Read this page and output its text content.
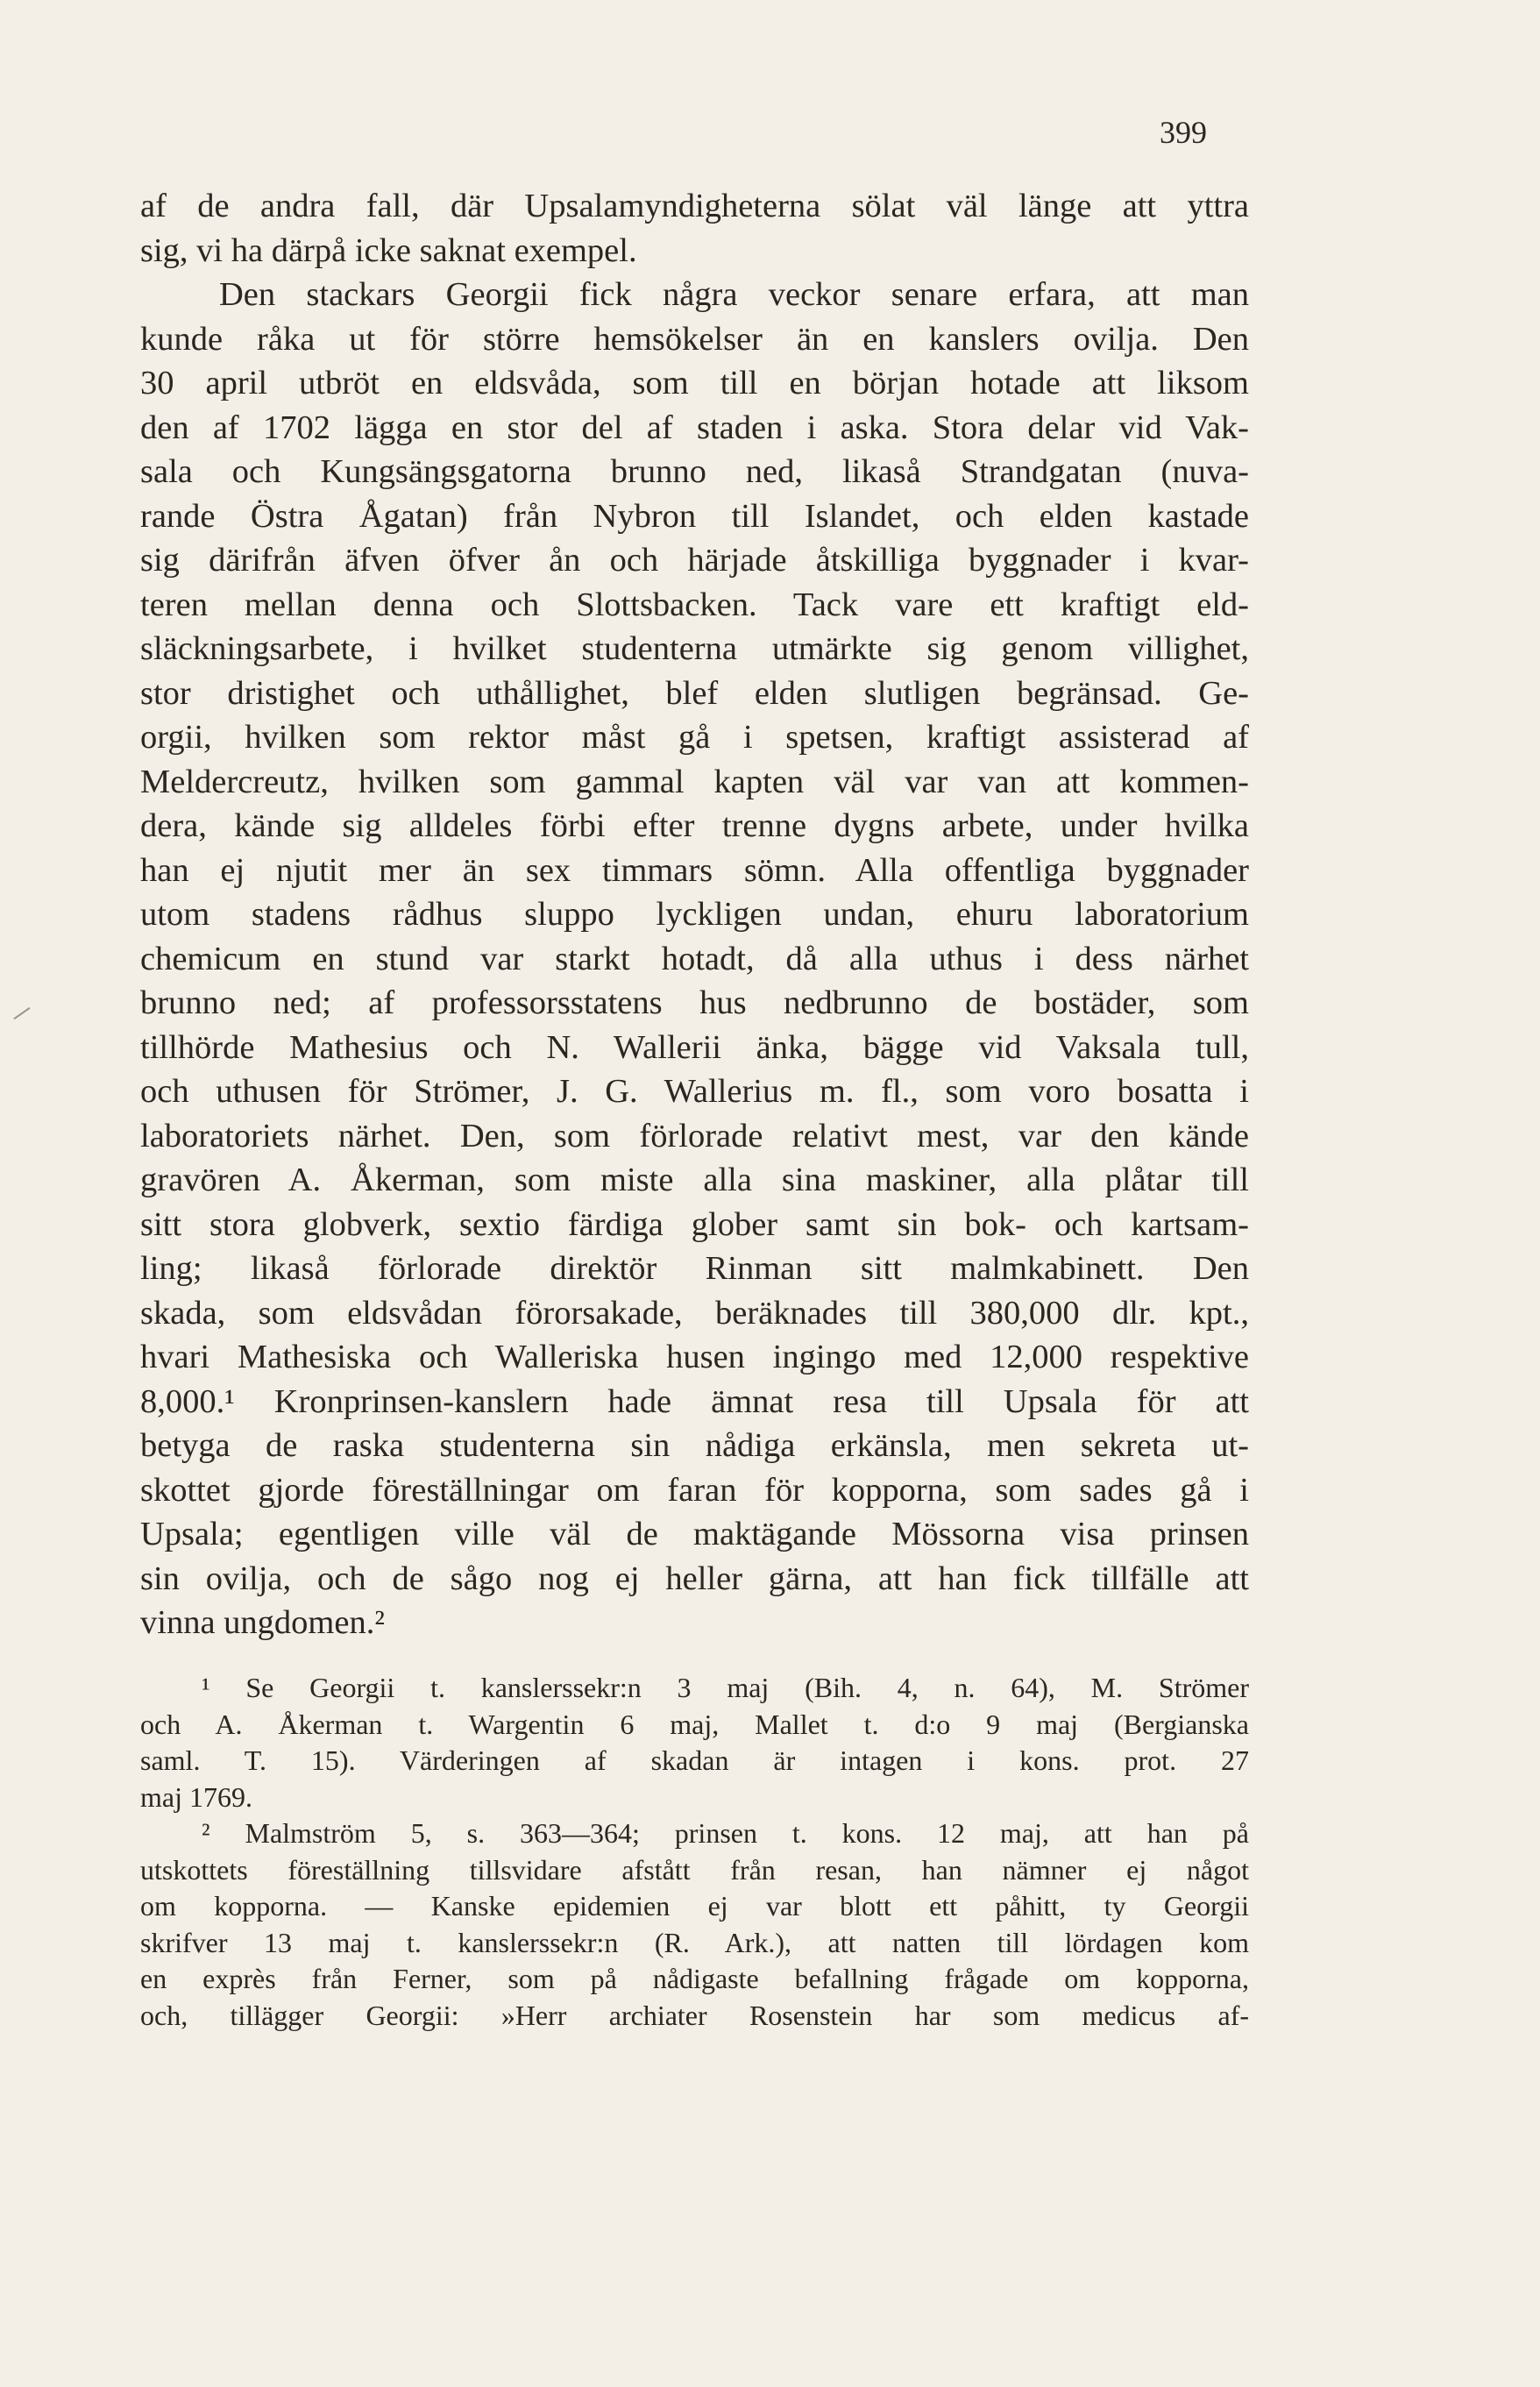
399
af de andra fall, där Upsalamyndigheterna sölat väl länge att yttra
sig, vi ha därpå icke saknat exempel.
Den stackars Georgii fick några veckor senare erfara, att man
kunde råka ut för större hemsökelser än en kanslers ovilja. Den
30 april utbröt en eldsvåda, som till en början hotade att liksom
den af 1702 lägga en stor del af staden i aska. Stora delar vid Vak-
sala och Kungsängsgatorna brunno ned, likaså Strandgatan (nuva-
rande Östra Ågatan) från Nybron till Islandet, och elden kastade
sig därifrån äfven öfver ån och härjade åtskilliga byggnader i kvar-
teren mellan denna och Slottsbacken. Tack vare ett kraftigt eld-
släckningsarbete, i hvilket studenterna utmärkte sig genom villighet,
stor dristighet och uthållighet, blef elden slutligen begränsad. Ge-
orgii, hvilken som rektor måst gå i spetsen, kraftigt assisterad af
Meldercreutz, hvilken som gammal kapten väl var van att kommen-
dera, kände sig alldeles förbi efter trenne dygns arbete, under hvilka
han ej njutit mer än sex timmars sömn. Alla offentliga byggnader
utom stadens rådhus sluppo lyckligen undan, ehuru laboratorium
chemicum en stund var starkt hotadt, då alla uthus i dess närhet
brunno ned; af professorsstatens hus nedbrunno de bostäder, som
tillhörde Mathesius och N. Wallerii änka, bägge vid Vaksala tull,
och uthusen för Strömer, J. G. Wallerius m. fl., som voro bosatta i
laboratoriets närhet. Den, som förlorade relativt mest, var den kände
gravören A. Åkerman, som miste alla sina maskiner, alla plåtar till
sitt stora globverk, sextio färdiga glober samt sin bok- och kartsam-
ling; likaså förlorade direktör Rinman sitt malmkabinett. Den
skada, som eldsvådan förorsakade, beräknades till 380,000 dlr. kpt.,
hvari Mathesiska och Walleriska husen ingingo med 12,000 respektive
8,000.¹ Kronprinsen-kanslern hade ämnat resa till Upsala för att
betyga de raska studenterna sin nådiga erkänsla, men sekreta ut-
skottet gjorde föreställningar om faran för kopporna, som sades gå i
Upsala; egentligen ville väl de maktägande Mössorna visa prinsen
sin ovilja, och de sågo nog ej heller gärna, att han fick tillfälle att
vinna ungdomen.²
¹ Se Georgii t. kanslerssekr:n 3 maj (Bih. 4, n. 64), M. Strömer
och A. Åkerman t. Wargentin 6 maj, Mallet t. d:o 9 maj (Bergianska
saml. T. 15). Värderingen af skadan är intagen i kons. prot. 27
maj 1769.
² Malmström 5, s. 363—364; prinsen t. kons. 12 maj, att han på
utskottets föreställning tillsvidare afstått från resan, han nämner ej något
om kopporna. — Kanske epidemien ej var blott ett påhitt, ty Georgii
skrifver 13 maj t. kanslerssekr:n (R. Ark.), att natten till lördagen kom
en exprès från Ferner, som på nådigaste befallning frågade om kopporna,
och, tillägger Georgii: »Herr archiater Rosenstein har som medicus af-
